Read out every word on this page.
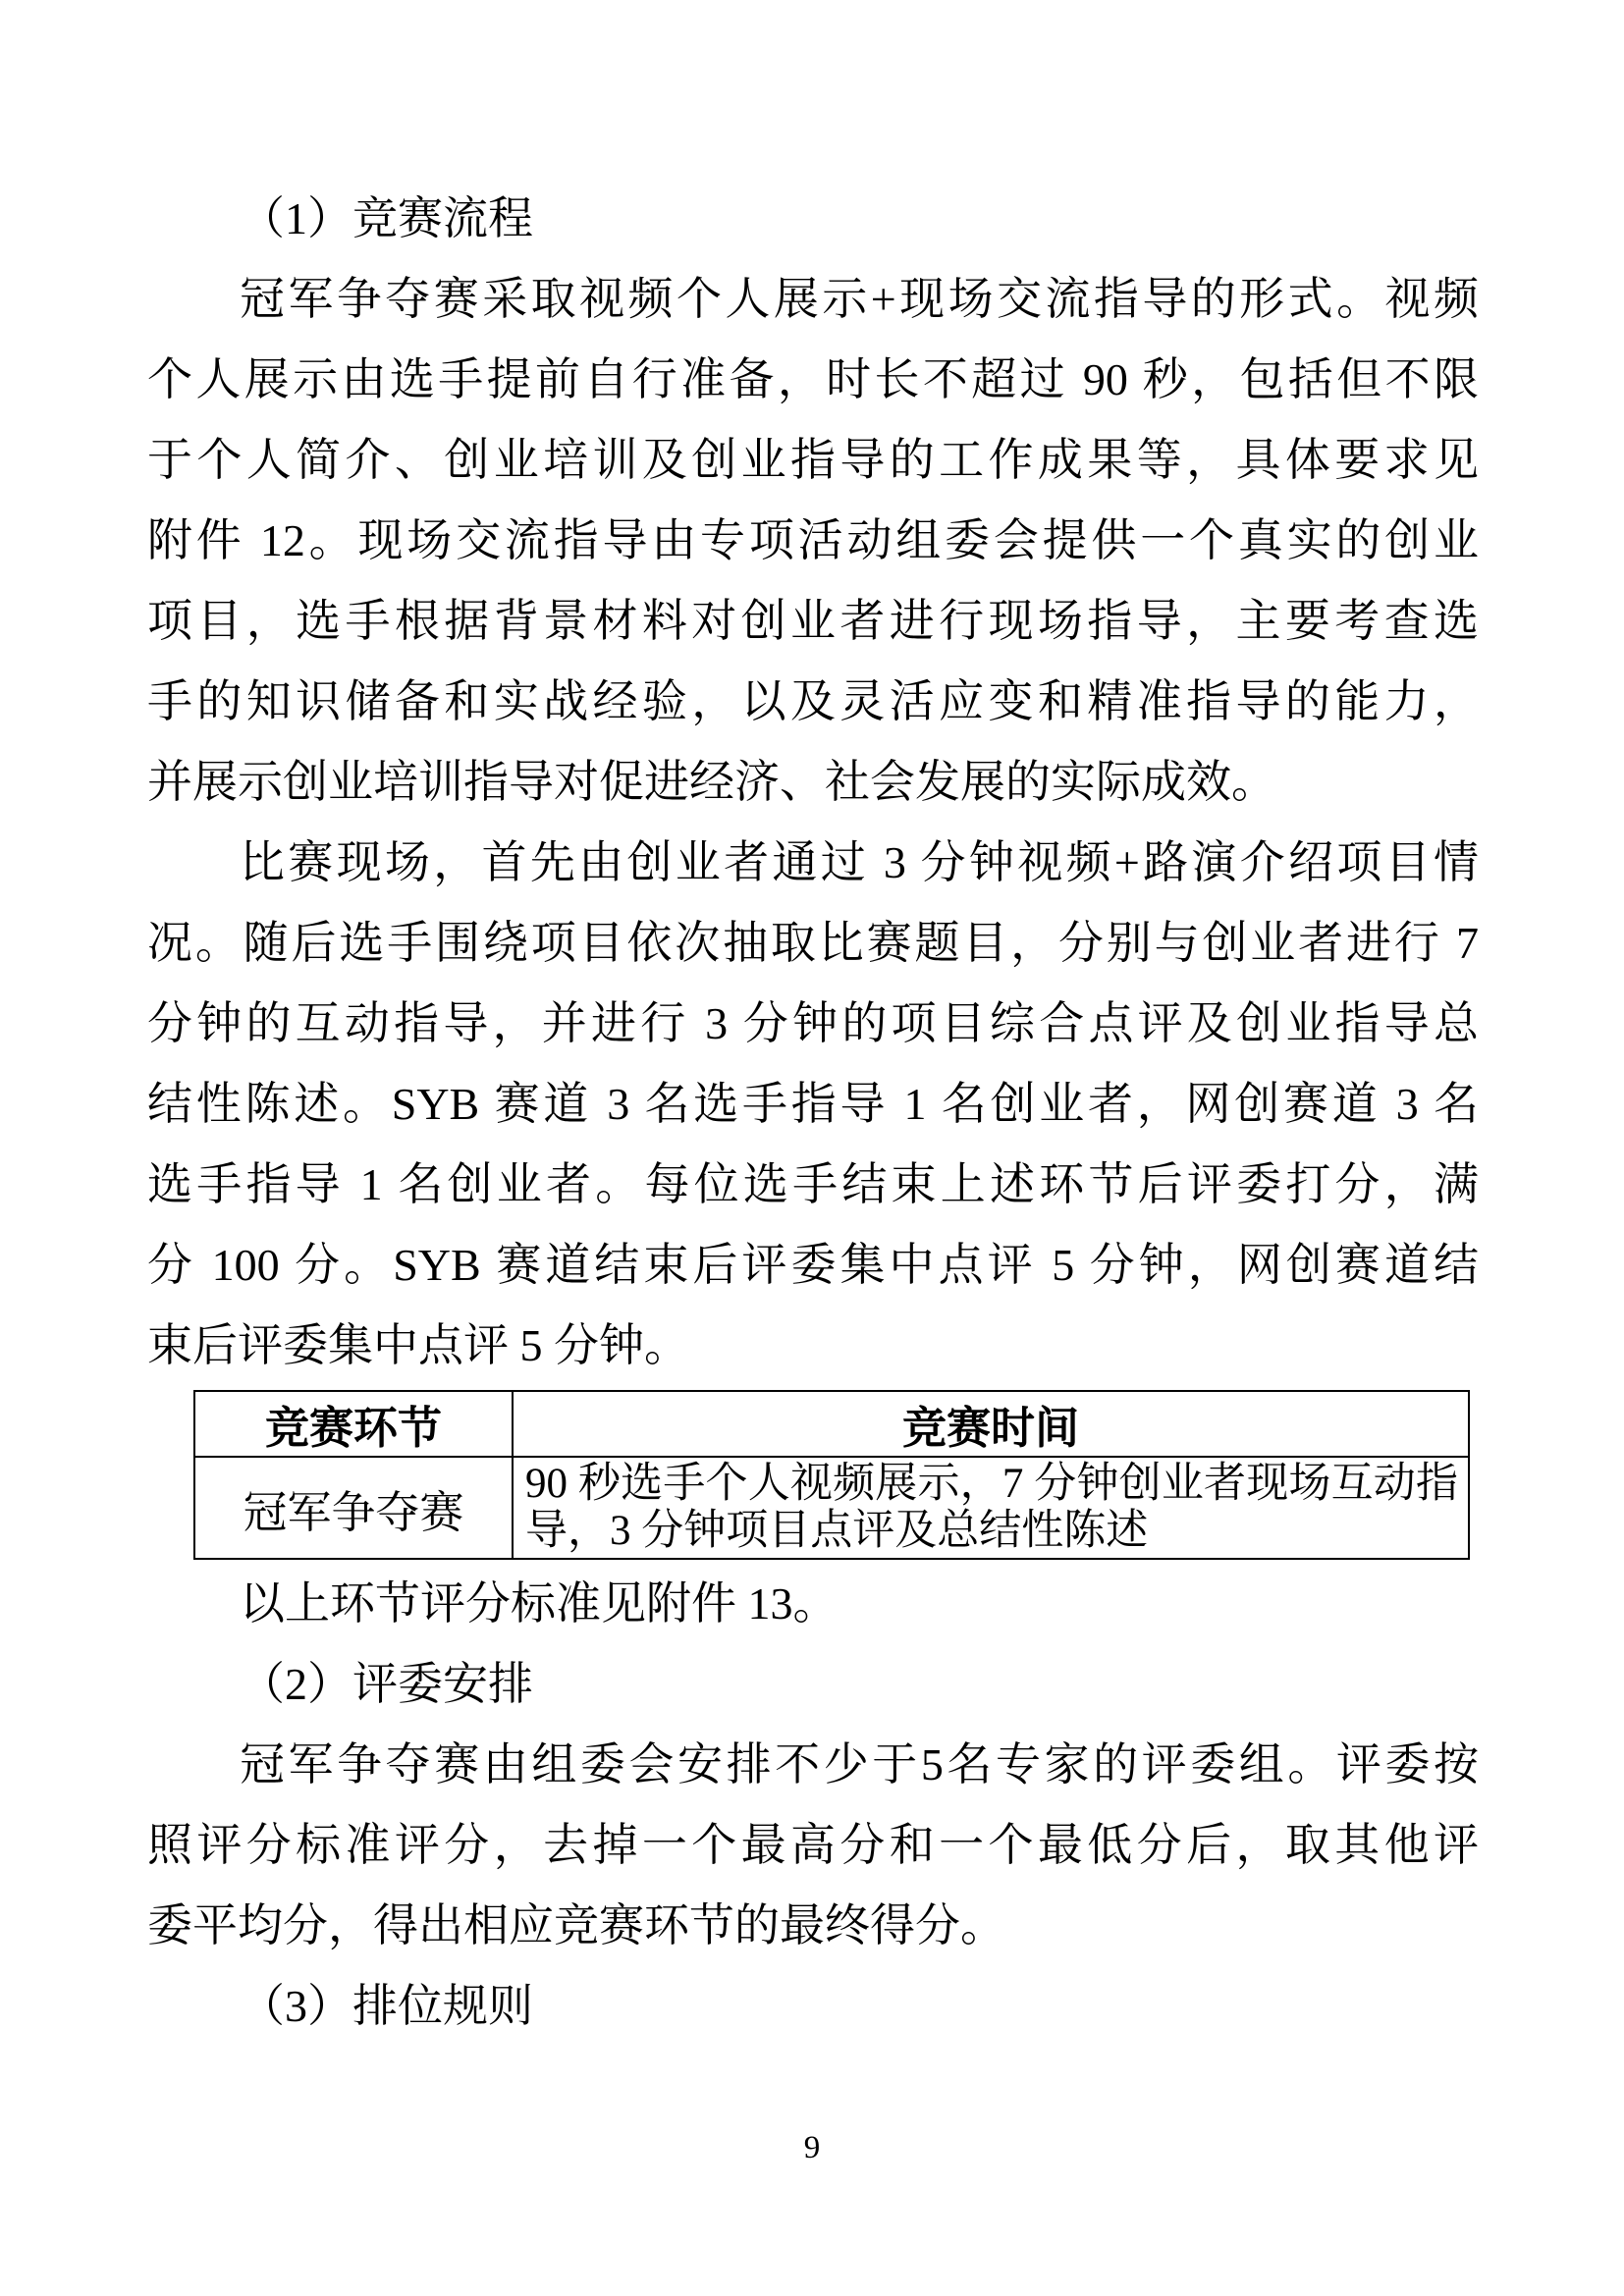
（1）竞赛流程
冠军争夺赛采取视频个人展示+现场交流指导的形式。视频
个人展示由选手提前自行准备，时长不超过 90 秒，包括但不限
于个人简介、创业培训及创业指导的工作成果等，具体要求见
附件 12。现场交流指导由专项活动组委会提供一个真实的创业
项目，选手根据背景材料对创业者进行现场指导，主要考查选
手的知识储备和实战经验，以及灵活应变和精准指导的能力，
并展示创业培训指导对促进经济、社会发展的实际成效。
比赛现场，首先由创业者通过 3 分钟视频+路演介绍项目情
况。随后选手围绕项目依次抽取比赛题目，分别与创业者进行 7
分钟的互动指导，并进行 3 分钟的项目综合点评及创业指导总
结性陈述。SYB 赛道 3 名选手指导 1 名创业者，网创赛道 3 名
选手指导 1 名创业者。每位选手结束上述环节后评委打分，满
分 100 分。SYB 赛道结束后评委集中点评 5 分钟，网创赛道结
束后评委集中点评 5 分钟。
竞赛环节	竞赛时间
冠军争夺赛	90 秒选手个人视频展示，7 分钟创业者现场互动指导，3 分钟项目点评及总结性陈述
以上环节评分标准见附件 13。
（2）评委安排
冠军争夺赛由组委会安排不少于5名专家的评委组。评委按
照评分标准评分，去掉一个最高分和一个最低分后，取其他评
委平均分，得出相应竞赛环节的最终得分。
（3）排位规则
9
